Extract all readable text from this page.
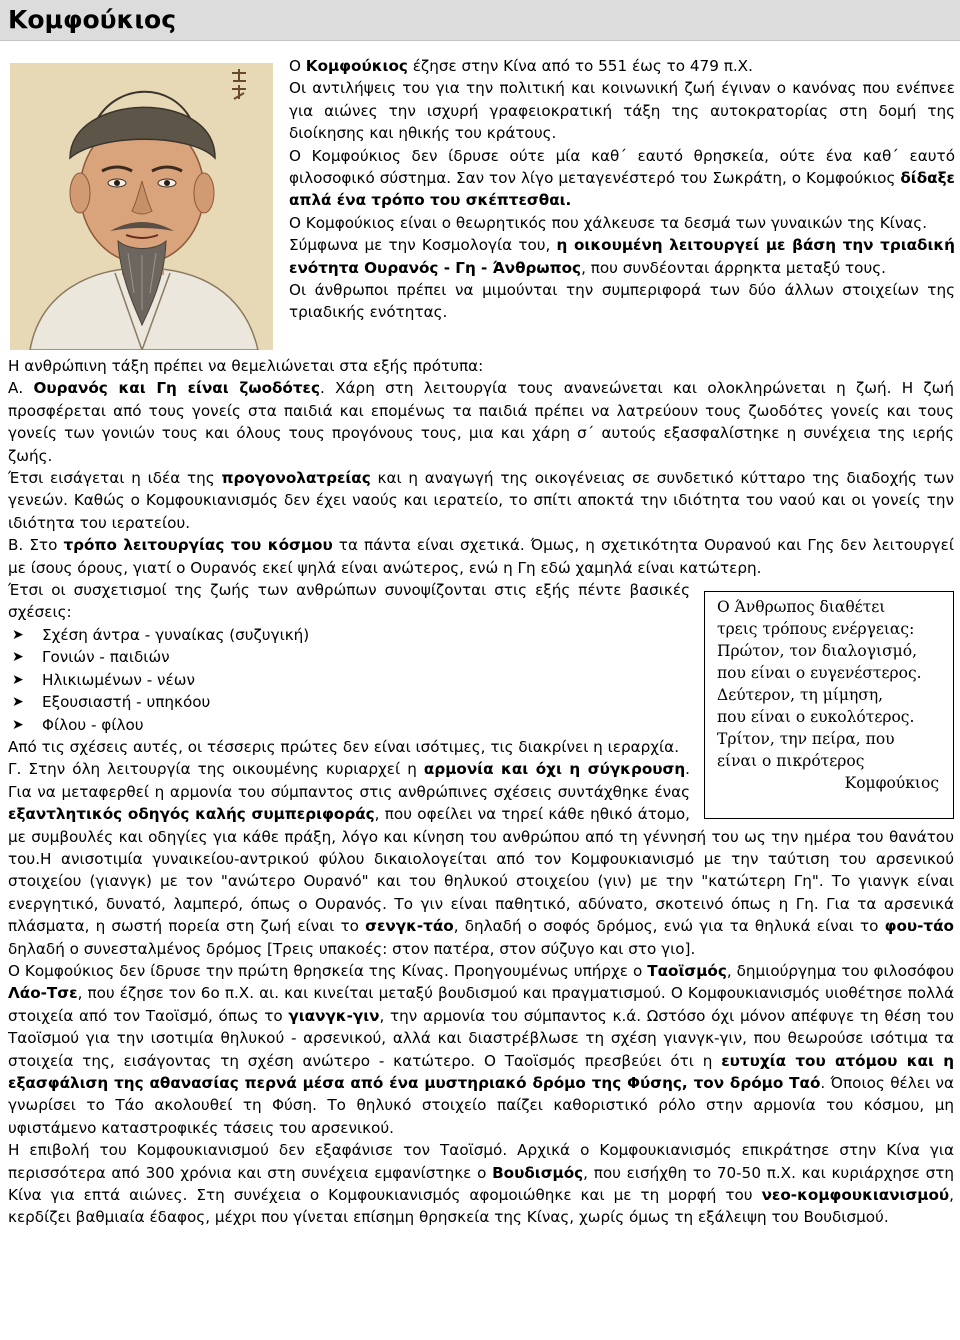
Κομφούκιος

Ο Κομφούκιος έζησε στην Κίνα από το 551 έως το 479 π.Χ.

Οι αντιλήψεις του για την πολιτική και κοινωνική ζωή έγιναν ο κανόνας που ενέπνεε για αιώνες την ισχυρή γραφειοκρατική τάξη της αυτοκρατορίας στη δομή της διοίκησης και ηθικής του κράτους.

Ο Κομφούκιος δεν ίδρυσε ούτε μία καθ΄ εαυτό θρησκεία, ούτε ένα καθ΄ εαυτό φιλοσοφικό σύστημα. Σαν τον λίγο μεταγενέστερό του Σωκράτη, ο Κομφούκιος δίδαξε απλά ένα τρόπο του σκέπτεσθαι.

Ο Κομφούκιος είναι ο θεωρητικός που χάλκευσε τα δεσμά των γυναικών της Κίνας.

Σύμφωνα με την Κοσμολογία του, η οικουμένη λειτουργεί με βάση την τριαδική ενότητα Ουρανός - Γη - Άνθρωπος, που συνδέονται άρρηκτα μεταξύ τους.

Οι άνθρωποι πρέπει να μιμούνται την συμπεριφορά των δύο άλλων στοιχείων της τριαδικής ενότητας.

Η ανθρώπινη τάξη πρέπει να θεμελιώνεται στα εξής πρότυπα:

Α. Ουρανός και Γη είναι ζωοδότες. Χάρη στη λειτουργία τους ανανεώνεται και ολοκληρώνεται η ζωή. Η ζωή προσφέρεται από τους γονείς στα παιδιά και επομένως τα παιδιά πρέπει να λατρεύουν τους ζωοδότες γονείς και τους γονείς των γονιών τους και όλους τους προγόνους τους, μια και χάρη σ΄ αυτούς εξασφαλίστηκε η συνέχεια της ιερής ζωής.

Έτσι εισάγεται η ιδέα της προγονολατρείας και η αναγωγή της οικογένειας σε συνδετικό κύτταρο της διαδοχής των γενεών. Καθώς ο Κομφουκιανισμός δεν έχει ναούς και ιερατείο, το σπίτι αποκτά την ιδιότητα του ναού και οι γονείς την ιδιότητα του ιερατείου.

Β. Στο τρόπο λειτουργίας του κόσμου τα πάντα είναι σχετικά. Όμως, η σχετικότητα Ουρανού και Γης δεν λειτουργεί με ίσους όρους, γιατί ο Ουρανός εκεί ψηλά είναι ανώτερος, ενώ η Γη εδώ χαμηλά είναι κατώτερη.

Ο Άνθρωπος διαθέτει
τρεις τρόπους ενέργειας:
Πρώτον, τον διαλογισμό,
που είναι ο ευγενέστερος.
Δεύτερον, τη μίμηση,
που είναι ο ευκολότερος.
Τρίτον, την πείρα, που
είναι ο πικρότερος
Κομφούκιος

Έτσι οι συσχετισμοί της ζωής των ανθρώπων συνοψίζονται στις εξής πέντε βασικές σχέσεις:

➤ Σχέση άντρα - γυναίκας (συζυγική)
➤ Γονιών - παιδιών
➤ Ηλικιωμένων - νέων
➤ Εξουσιαστή - υπηκόου
➤ Φίλου - φίλου

Από τις σχέσεις αυτές, οι τέσσερις πρώτες δεν είναι ισότιμες, τις διακρίνει η ιεραρχία.

Γ. Στην όλη λειτουργία της οικουμένης κυριαρχεί η αρμονία και όχι η σύγκρουση. Για να μεταφερθεί η αρμονία του σύμπαντος στις ανθρώπινες σχέσεις συντάχθηκε ένας εξαντλητικός οδηγός καλής συμπεριφοράς, που οφείλει να τηρεί κάθε ηθικό άτομο, με συμβουλές και οδηγίες για κάθε πράξη, λόγο και κίνηση του ανθρώπου από τη γέννησή του ως την ημέρα του θανάτου του.Η ανισοτιμία γυναικείου-αντρικού φύλου δικαιολογείται από τον Κομφουκιανισμό με την ταύτιση του αρσενικού στοιχείου (γιανγκ) με τον "ανώτερο Ουρανό" και του θηλυκού στοιχείου (γιν) με την "κατώτερη Γη". Το γιανγκ είναι ενεργητικό, δυνατό, λαμπερό, όπως ο Ουρανός. Το γιν είναι παθητικό, αδύνατο, σκοτεινό όπως η Γη. Για τα αρσενικά πλάσματα, η σωστή πορεία στη ζωή είναι το σενγκ-τάο, δηλαδή ο σοφός δρόμος, ενώ για τα θηλυκά είναι το φου-τάο δηλαδή ο συνεσταλμένος δρόμος [Τρεις υπακοές: στον πατέρα, στον σύζυγο και στο γιο].

Ο Κομφούκιος δεν ίδρυσε την πρώτη θρησκεία της Κίνας. Προηγουμένως υπήρχε ο Ταοϊσμός, δημιούργημα του φιλοσόφου Λάο-Τσε, που έζησε τον 6ο π.Χ. αι. και κινείται μεταξύ βουδισμού και πραγματισμού. Ο Κομφουκιανισμός υιοθέτησε πολλά στοιχεία από τον Ταοϊσμό, όπως το γιανγκ-γιν, την αρμονία του σύμπαντος κ.ά. Ωστόσο όχι μόνον απέφυγε τη θέση του Ταοϊσμού για την ισοτιμία θηλυκού - αρσενικού, αλλά και διαστρέβλωσε τη σχέση γιανγκ-γιν, που θεωρούσε ισότιμα τα στοιχεία της, εισάγοντας τη σχέση ανώτερο - κατώτερο. Ο Ταοϊσμός πρεσβεύει ότι η ευτυχία του ατόμου και η εξασφάλιση της αθανασίας περνά μέσα από ένα μυστηριακό δρόμο της Φύσης, τον δρόμο Ταό. Όποιος θέλει να γνωρίσει το Τάο ακολουθεί τη Φύση. Το θηλυκό στοιχείο παίζει καθοριστικό ρόλο στην αρμονία του κόσμου, μη υφιστάμενο καταστροφικές τάσεις του αρσενικού.

Η επιβολή του Κομφουκιανισμού δεν εξαφάνισε τον Ταοϊσμό. Αρχικά ο Κομφουκιανισμός επικράτησε στην Κίνα για περισσότερα από 300 χρόνια και στη συνέχεια εμφανίστηκε ο Βουδισμός, που εισήχθη το 70-50 π.Χ. και κυριάρχησε στη Κίνα για επτά αιώνες. Στη συνέχεια ο Κομφουκιανισμός αφομοιώθηκε και με τη μορφή του νεο-κομφουκιανισμού, κερδίζει βαθμιαία έδαφος, μέχρι που γίνεται επίσημη θρησκεία της Κίνας, χωρίς όμως τη εξάλειψη του Βουδισμού.
